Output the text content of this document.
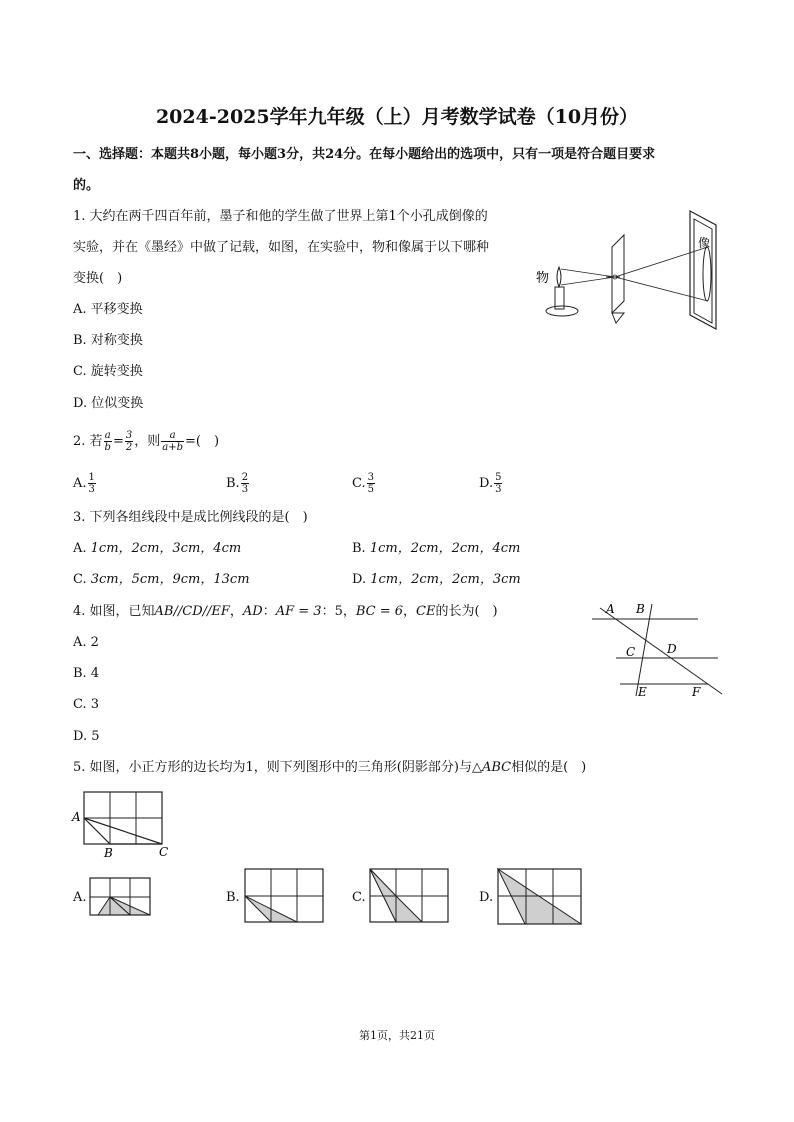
2024-2025学年九年级（上）月考数学试卷（10月份）
一、选择题：本题共8小题，每小题3分，共24分。在每小题给出的选项中，只有一项是符合题目要求
的。
1. 大约在两千四百年前，墨子和他的学生做了世界上第1个小孔成倒像的
实验，并在《墨经》中做了记载，如图，在实验中，物和像属于以下哪种
变换(　)
A. 平移变换
B. 对称变换
C. 旋转变换
D. 位似变换
物
像
2. 若 $\frac{a}{b} = \frac{3}{2}$ ，则 $\frac{a}{a+b}$ =(　)
A. $\frac{1}{3}$	B. $\frac{2}{3}$	C. $\frac{3}{5}$	D. $\frac{5}{3}$
3. 下列各组线段中是成比例线段的是(　)
A. 1cm，2cm，3cm，4cm	B. 1cm，2cm，2cm，4cm
C. 3cm，5cm，9cm，13cm	D. 1cm，2cm，2cm，3cm
4. 如图，已知AB//CD//EF，AD：AF = 3：5，BC = 6，CE的长为(　)
A. 2
B. 4
C. 3
D. 5
A B
C	D
E	F
5. 如图，小正方形的边长均为1，则下列图形中的三角形(阴影部分)与△ABC相似的是(　)
A
B	C
A.	B.	C.	D.
第1页，共21页
